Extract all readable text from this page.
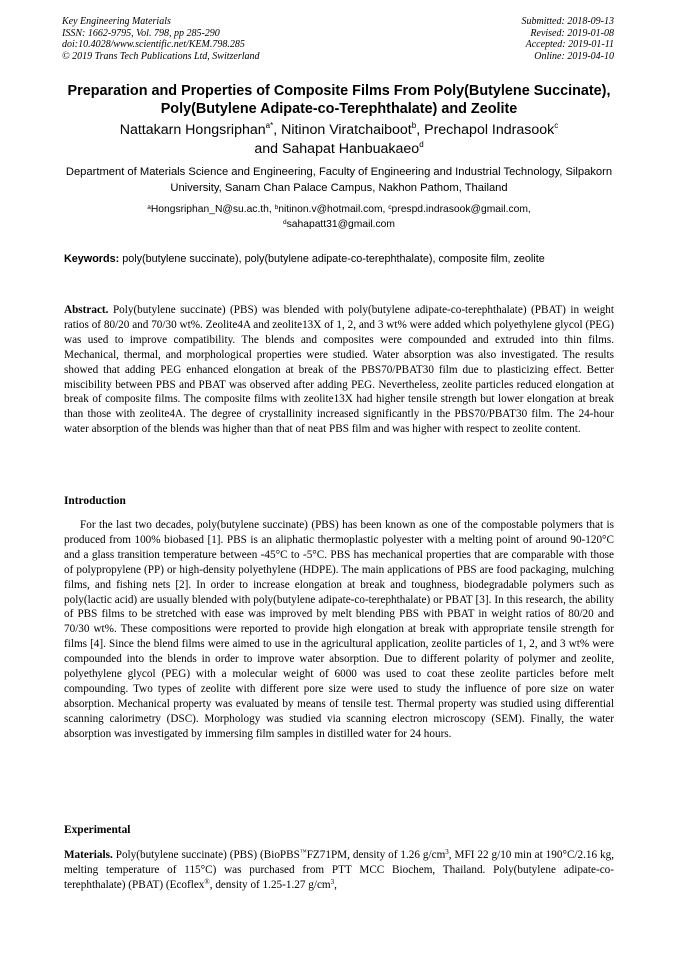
Key Engineering Materials
ISSN: 1662-9795, Vol. 798, pp 285-290
doi:10.4028/www.scientific.net/KEM.798.285
© 2019 Trans Tech Publications Ltd, Switzerland
Submitted: 2018-09-13
Revised: 2019-01-08
Accepted: 2019-01-11
Online: 2019-04-10
Preparation and Properties of Composite Films From Poly(Butylene Succinate), Poly(Butylene Adipate-co-Terephthalate) and Zeolite
Nattakarn Hongsriphan$^{a*}$, Nitinon Viratchaiboot$^b$, Prechapol Indrasook$^c$
and Sahapat Hanbuakaeo$^d$
Department of Materials Science and Engineering, Faculty of Engineering and Industrial Technology, Silpakorn University, Sanam Chan Palace Campus, Nakhon Pathom, Thailand
$^a$Hongsriphan_N@su.ac.th, $^b$nitinon.v@hotmail.com, $^c$prespd.indrasook@gmail.com,
$^d$sahapatt31@gmail.com
Keywords: poly(butylene succinate), poly(butylene adipate-co-terephthalate), composite film, zeolite
Abstract. Poly(butylene succinate) (PBS) was blended with poly(butylene adipate-co-terephthalate) (PBAT) in weight ratios of 80/20 and 70/30 wt%. Zeolite4A and zeolite13X of 1, 2, and 3 wt% were added which polyethylene glycol (PEG) was used to improve compatibility. The blends and composites were compounded and extruded into thin films. Mechanical, thermal, and morphological properties were studied. Water absorption was also investigated. The results showed that adding PEG enhanced elongation at break of the PBS70/PBAT30 film due to plasticizing effect. Better miscibility between PBS and PBAT was observed after adding PEG. Nevertheless, zeolite particles reduced elongation at break of composite films. The composite films with zeolite13X had higher tensile strength but lower elongation at break than those with zeolite4A. The degree of crystallinity increased significantly in the PBS70/PBAT30 film. The 24-hour water absorption of the blends was higher than that of neat PBS film and was higher with respect to zeolite content.
Introduction
For the last two decades, poly(butylene succinate) (PBS) has been known as one of the compostable polymers that is produced from 100% biobased [1]. PBS is an aliphatic thermoplastic polyester with a melting point of around 90-120°C and a glass transition temperature between -45°C to -5°C. PBS has mechanical properties that are comparable with those of polypropylene (PP) or high-density polyethylene (HDPE). The main applications of PBS are food packaging, mulching films, and fishing nets [2]. In order to increase elongation at break and toughness, biodegradable polymers such as poly(lactic acid) are usually blended with poly(butylene adipate-co-terephthalate) or PBAT [3]. In this research, the ability of PBS films to be stretched with ease was improved by melt blending PBS with PBAT in weight ratios of 80/20 and 70/30 wt%. These compositions were reported to provide high elongation at break with appropriate tensile strength for films [4]. Since the blend films were aimed to use in the agricultural application, zeolite particles of 1, 2, and 3 wt% were compounded into the blends in order to improve water absorption. Due to different polarity of polymer and zeolite, polyethylene glycol (PEG) with a molecular weight of 6000 was used to coat these zeolite particles before melt compounding. Two types of zeolite with different pore size were used to study the influence of pore size on water absorption. Mechanical property was evaluated by means of tensile test. Thermal property was studied using differential scanning calorimetry (DSC). Morphology was studied via scanning electron microscopy (SEM). Finally, the water absorption was investigated by immersing film samples in distilled water for 24 hours.
Experimental
Materials. Poly(butylene succinate) (PBS) (BioPBS™FZ71PM, density of 1.26 $g/cm^3$, MFI 22 g/10 min at 190°C/2.16 kg, melting temperature of 115°C) was purchased from PTT MCC Biochem, Thailand. Poly(butylene adipate-co-terephthalate) (PBAT) (Ecoflex®, density of 1.25-1.27 $g/cm^3$,
